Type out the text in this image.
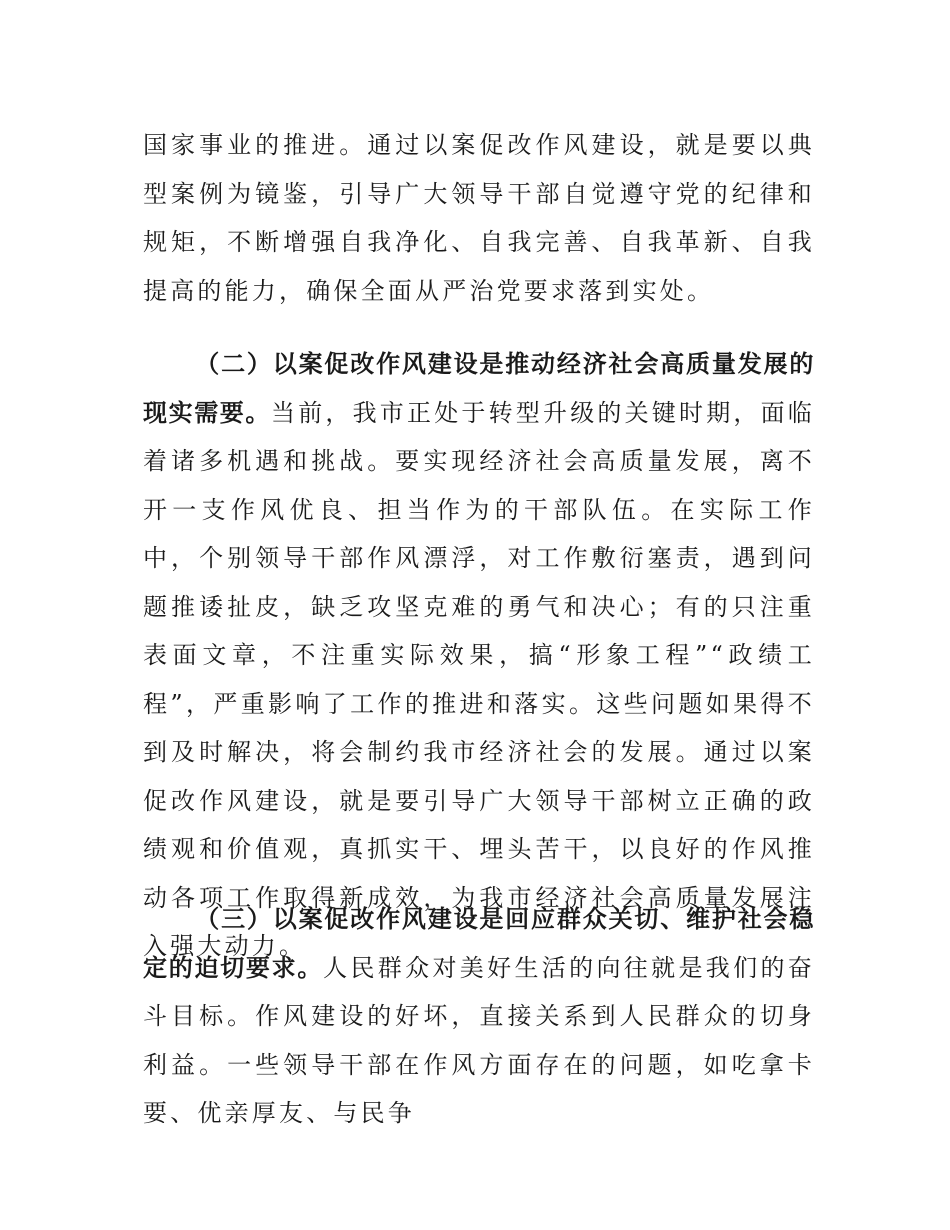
国家事业的推进。通过以案促改作风建设，就是要以典型案例为镜鉴，引导广大领导干部自觉遵守党的纪律和规矩，不断增强自我净化、自我完善、自我革新、自我提高的能力，确保全面从严治党要求落到实处。

（二）以案促改作风建设是推动经济社会高质量发展的现实需要。当前，我市正处于转型升级的关键时期，面临着诸多机遇和挑战。要实现经济社会高质量发展，离不开一支作风优良、担当作为的干部队伍。在实际工作中，个别领导干部作风漂浮，对工作敷衍塞责，遇到问题推诿扯皮，缺乏攻坚克难的勇气和决心；有的只注重表面文章，不注重实际效果，搞“形象工程”“政绩工程”，严重影响了工作的推进和落实。这些问题如果得不到及时解决，将会制约我市经济社会的发展。通过以案促改作风建设，就是要引导广大领导干部树立正确的政绩观和价值观，真抓实干、埋头苦干，以良好的作风推动各项工作取得新成效，为我市经济社会高质量发展注入强大动力。

（三）以案促改作风建设是回应群众关切、维护社会稳定的迫切要求。人民群众对美好生活的向往就是我们的奋斗目标。作风建设的好坏，直接关系到人民群众的切身利益。一些领导干部在作风方面存在的问题，如吃拿卡要、优亲厚友、与民争
